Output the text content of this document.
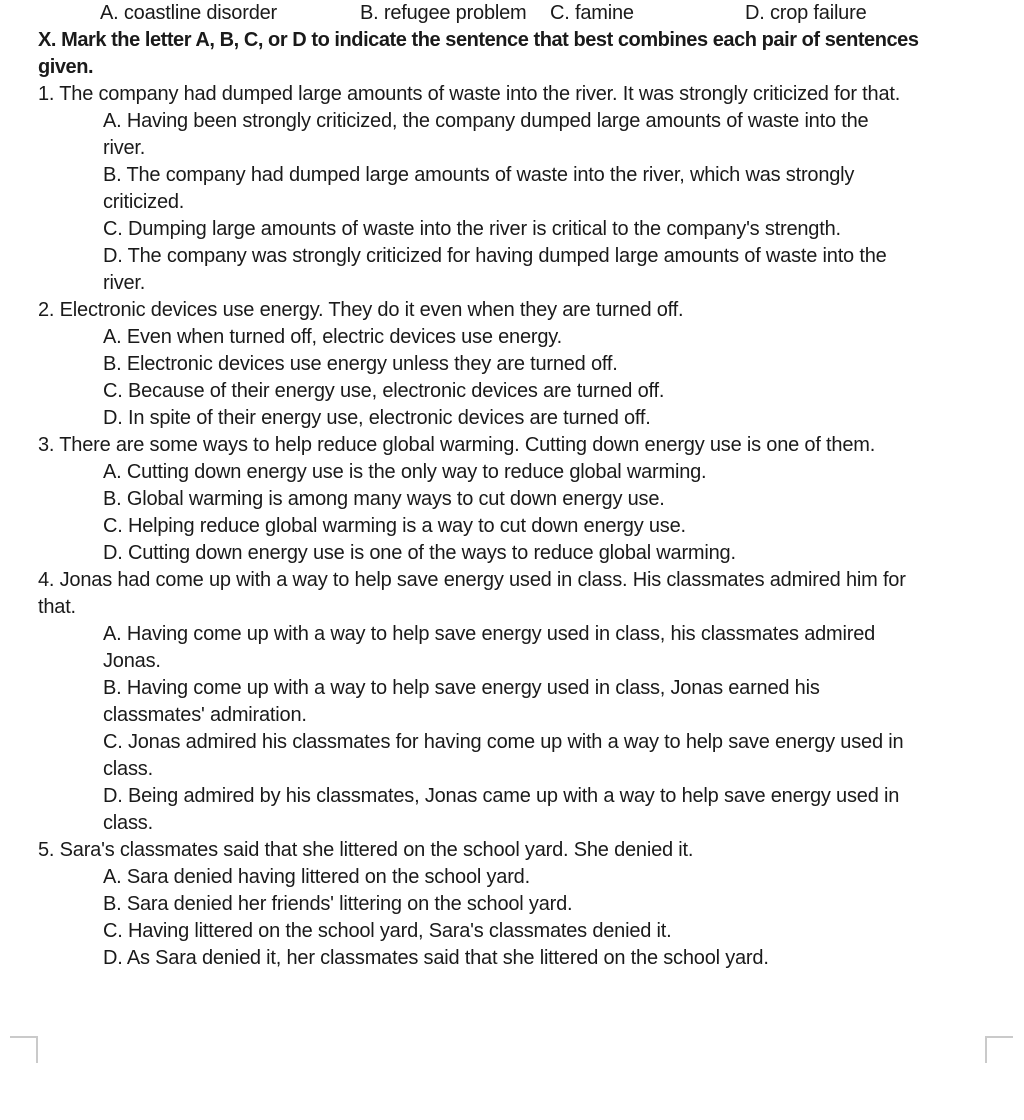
A. coastline disorder	B. refugee problem C. famine	D. crop failure
X. Mark the letter A, B, C, or D to indicate the sentence that best combines each pair of sentences
given.
1. The company had dumped large amounts of waste into the river. It was strongly criticized for that.
A. Having been strongly criticized, the company dumped large amounts of waste into the
river.
B. The company had dumped large amounts of waste into the river, which was strongly
criticized.
C. Dumping large amounts of waste into the river is critical to the company's strength.
D. The company was strongly criticized for having dumped large amounts of waste into the
river.
2. Electronic devices use energy. They do it even when they are turned off.
A. Even when turned off, electric devices use energy.
B. Electronic devices use energy unless they are turned off.
C. Because of their energy use, electronic devices are turned off.
D. In spite of their energy use, electronic devices are turned off.
3. There are some ways to help reduce global warming. Cutting down energy use is one of them.
A. Cutting down energy use is the only way to reduce global warming.
B. Global warming is among many ways to cut down energy use.
C. Helping reduce global warming is a way to cut down energy use.
D. Cutting down energy use is one of the ways to reduce global warming.
4. Jonas had come up with a way to help save energy used in class. His classmates admired him for
that.
A. Having come up with a way to help save energy used in class, his classmates admired
Jonas.
B. Having come up with a way to help save energy used in class, Jonas earned his
classmates' admiration.
C. Jonas admired his classmates for having come up with a way to help save energy used in
class.
D. Being admired by his classmates, Jonas came up with a way to help save energy used in
class.
5. Sara's classmates said that she littered on the school yard. She denied it.
A. Sara denied having littered on the school yard.
B. Sara denied her friends' littering on the school yard.
C. Having littered on the school yard, Sara's classmates denied it.
D. As Sara denied it, her classmates said that she littered on the school yard.
